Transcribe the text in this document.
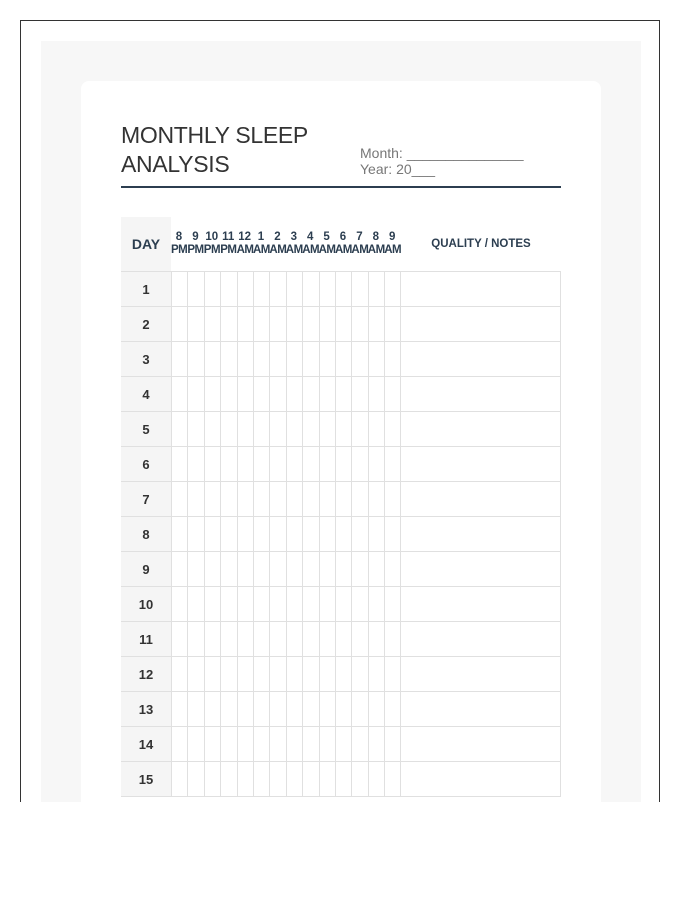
MONTHLY SLEEP ANALYSIS	Month: _______________
Year: 20___
DAY	QUALITY / NOTES
8
PM
9
PM
10
PM
11
PM
12
AM
1
AM
2
AM
3
AM
4
AM
5
AM
6
AM
7
AM
8
AM
9
AM
1
2
3
4
5
6
7
8
9
10
11
12
13
14
15
